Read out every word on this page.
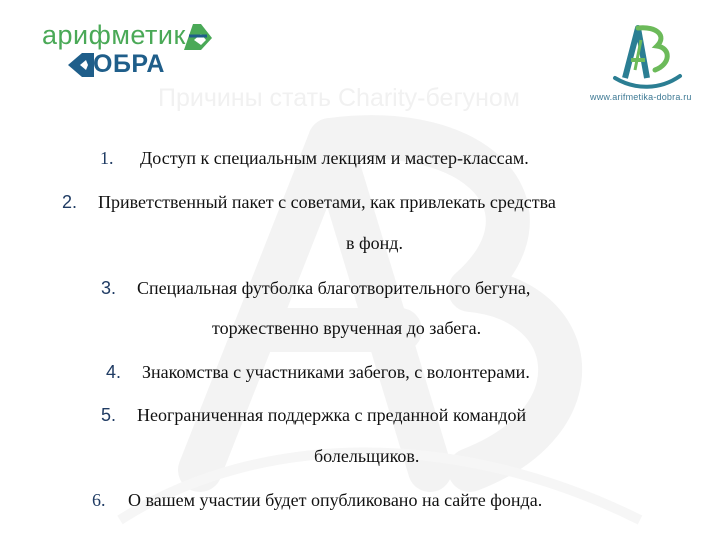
арифметик
ОБРА
www.arifmetika-dobra.ru
Причины стать Charity-бегуном
1. Доступ к специальным лекциям и мастер-классам.
2. Приветственный пакет с советами, как привлекать средства
в фонд.
3. Специальная футболка благотворительного бегуна,
торжественно врученная до забега.
4. Знакомства с участниками забегов, с волонтерами.
5. Неограниченная поддержка с преданной командой
болельщиков.
6. О вашем участии будет опубликовано на сайте фонда.
